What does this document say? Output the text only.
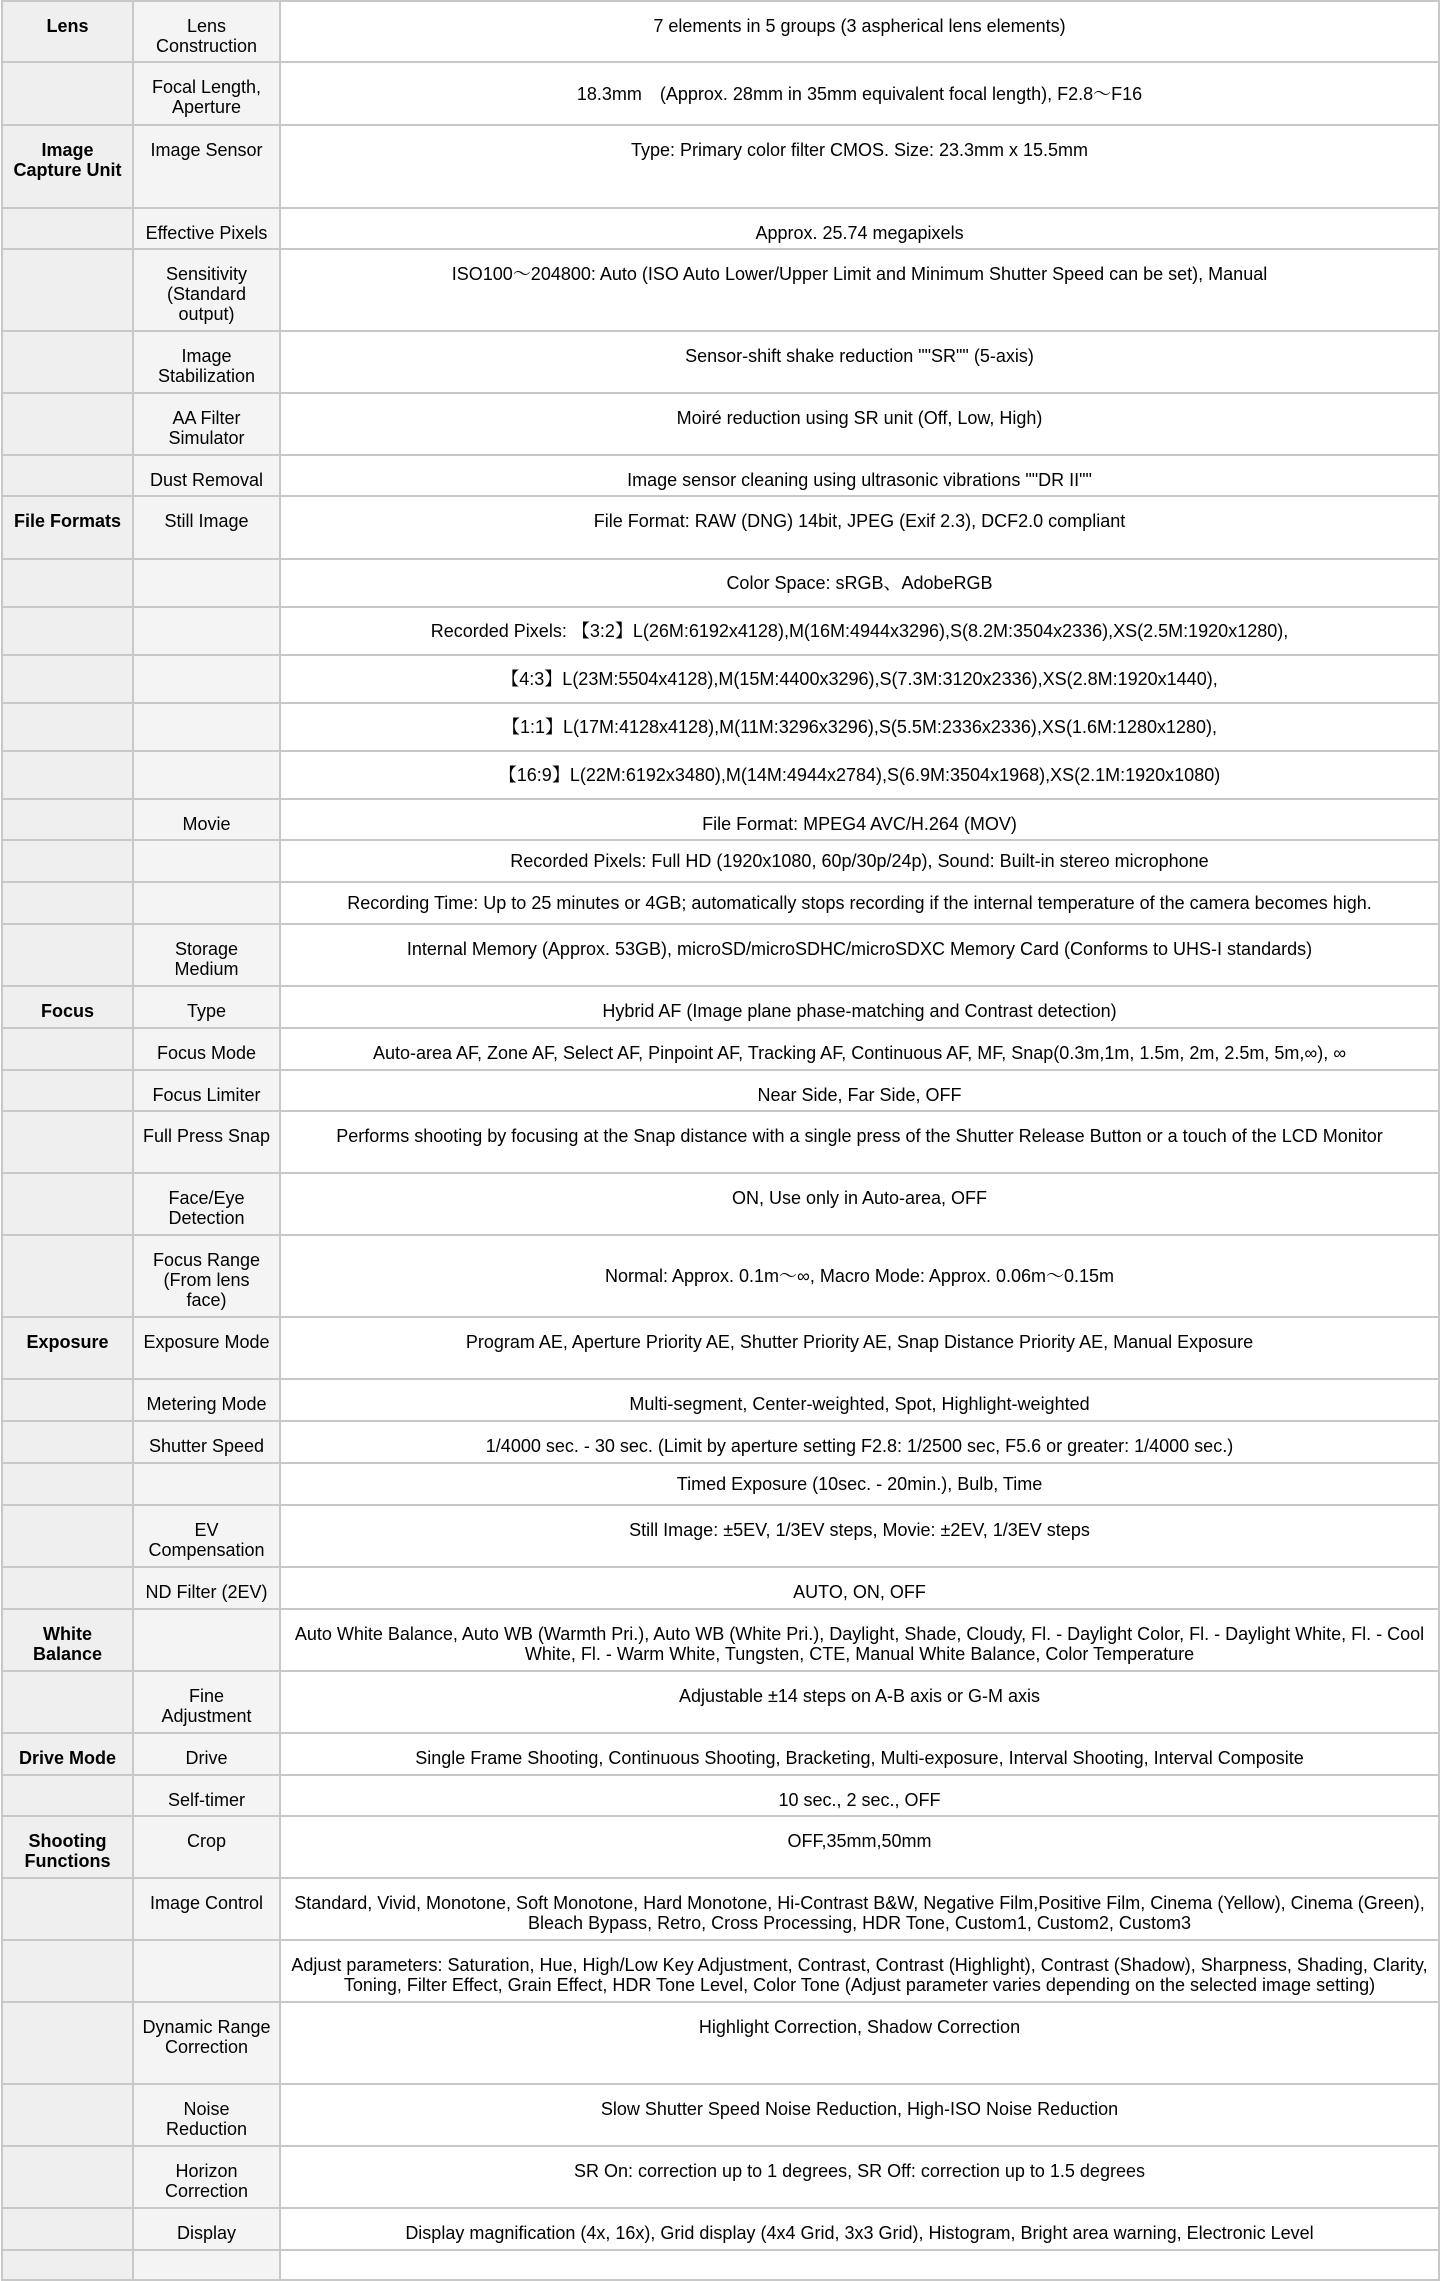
Lens	Lens Construction	7 elements in 5 groups (3 aspherical lens elements)
	Focal Length, Aperture	18.3mm　(Approx. 28mm in 35mm equivalent focal length), F2.8～F16
Image Capture Unit	Image Sensor	Type: Primary color filter CMOS. Size: 23.3mm x 15.5mm
	Effective Pixels	Approx. 25.74 megapixels
	Sensitivity (Standard output)	ISO100～204800: Auto (ISO Auto Lower/Upper Limit and Minimum Shutter Speed can be set), Manual
	Image Stabilization	Sensor-shift shake reduction ""SR"" (5-axis)
	AA Filter Simulator	Moiré reduction using SR unit (Off, Low, High)
	Dust Removal	Image sensor cleaning using ultrasonic vibrations ""DR II""
File Formats	Still Image	File Format: RAW (DNG) 14bit, JPEG (Exif 2.3), DCF2.0 compliant
		Color Space: sRGB、AdobeRGB
		Recorded Pixels: 【3:2】L(26M:6192x4128),M(16M:4944x3296),S(8.2M:3504x2336),XS(2.5M:1920x1280),
		【4:3】L(23M:5504x4128),M(15M:4400x3296),S(7.3M:3120x2336),XS(2.8M:1920x1440),
		【1:1】L(17M:4128x4128),M(11M:3296x3296),S(5.5M:2336x2336),XS(1.6M:1280x1280),
		【16:9】L(22M:6192x3480),M(14M:4944x2784),S(6.9M:3504x1968),XS(2.1M:1920x1080)
	Movie	File Format: MPEG4 AVC/H.264 (MOV)
		Recorded Pixels: Full HD (1920x1080, 60p/30p/24p), Sound: Built-in stereo microphone
		Recording Time: Up to 25 minutes or 4GB; automatically stops recording if the internal temperature of the camera becomes high.
	Storage Medium	Internal Memory (Approx. 53GB), microSD/microSDHC/microSDXC Memory Card (Conforms to UHS-I standards)
Focus	Type	Hybrid AF (Image plane phase-matching and Contrast detection)
	Focus Mode	Auto-area AF, Zone AF, Select AF, Pinpoint AF, Tracking AF, Continuous AF, MF, Snap(0.3m,1m, 1.5m, 2m, 2.5m, 5m,∞), ∞
	Focus Limiter	Near Side, Far Side, OFF
	Full Press Snap	Performs shooting by focusing at the Snap distance with a single press of the Shutter Release Button or a touch of the LCD Monitor
	Face/Eye Detection	ON, Use only in Auto-area, OFF
	Focus Range (From lens face)	Normal: Approx. 0.1m～∞, Macro Mode: Approx. 0.06m～0.15m
Exposure	Exposure Mode	Program AE, Aperture Priority AE, Shutter Priority AE, Snap Distance Priority AE, Manual Exposure
	Metering Mode	Multi-segment, Center-weighted, Spot, Highlight-weighted
	Shutter Speed	1/4000 sec. - 30 sec. (Limit by aperture setting F2.8: 1/2500 sec, F5.6 or greater: 1/4000 sec.)
		Timed Exposure (10sec. - 20min.), Bulb, Time
	EV Compensation	Still Image: ±5EV, 1/3EV steps, Movie: ±2EV, 1/3EV steps
	ND Filter (2EV)	AUTO, ON, OFF
White Balance		Auto White Balance, Auto WB (Warmth Pri.), Auto WB (White Pri.), Daylight, Shade, Cloudy, Fl. - Daylight Color, Fl. - Daylight White, Fl. - Cool White, Fl. - Warm White, Tungsten, CTE, Manual White Balance, Color Temperature
	Fine Adjustment	Adjustable ±14 steps on A-B axis or G-M axis
Drive Mode	Drive	Single Frame Shooting, Continuous Shooting, Bracketing, Multi-exposure, Interval Shooting, Interval Composite
	Self-timer	10 sec., 2 sec., OFF
Shooting Functions	Crop	OFF,35mm,50mm
	Image Control	Standard, Vivid, Monotone, Soft Monotone, Hard Monotone, Hi-Contrast B&W, Negative Film,Positive Film, Cinema (Yellow), Cinema (Green), Bleach Bypass, Retro, Cross Processing, HDR Tone, Custom1, Custom2, Custom3
		Adjust parameters: Saturation, Hue, High/Low Key Adjustment, Contrast, Contrast (Highlight), Contrast (Shadow), Sharpness, Shading, Clarity, Toning, Filter Effect, Grain Effect, HDR Tone Level, Color Tone (Adjust parameter varies depending on the selected image setting)
	Dynamic Range Correction	Highlight Correction, Shadow Correction
	Noise Reduction	Slow Shutter Speed Noise Reduction, High-ISO Noise Reduction
	Horizon Correction	SR On: correction up to 1 degrees, SR Off: correction up to 1.5 degrees
	Display	Display magnification (4x, 16x), Grid display (4x4 Grid, 3x3 Grid), Histogram, Bright area warning, Electronic Level
